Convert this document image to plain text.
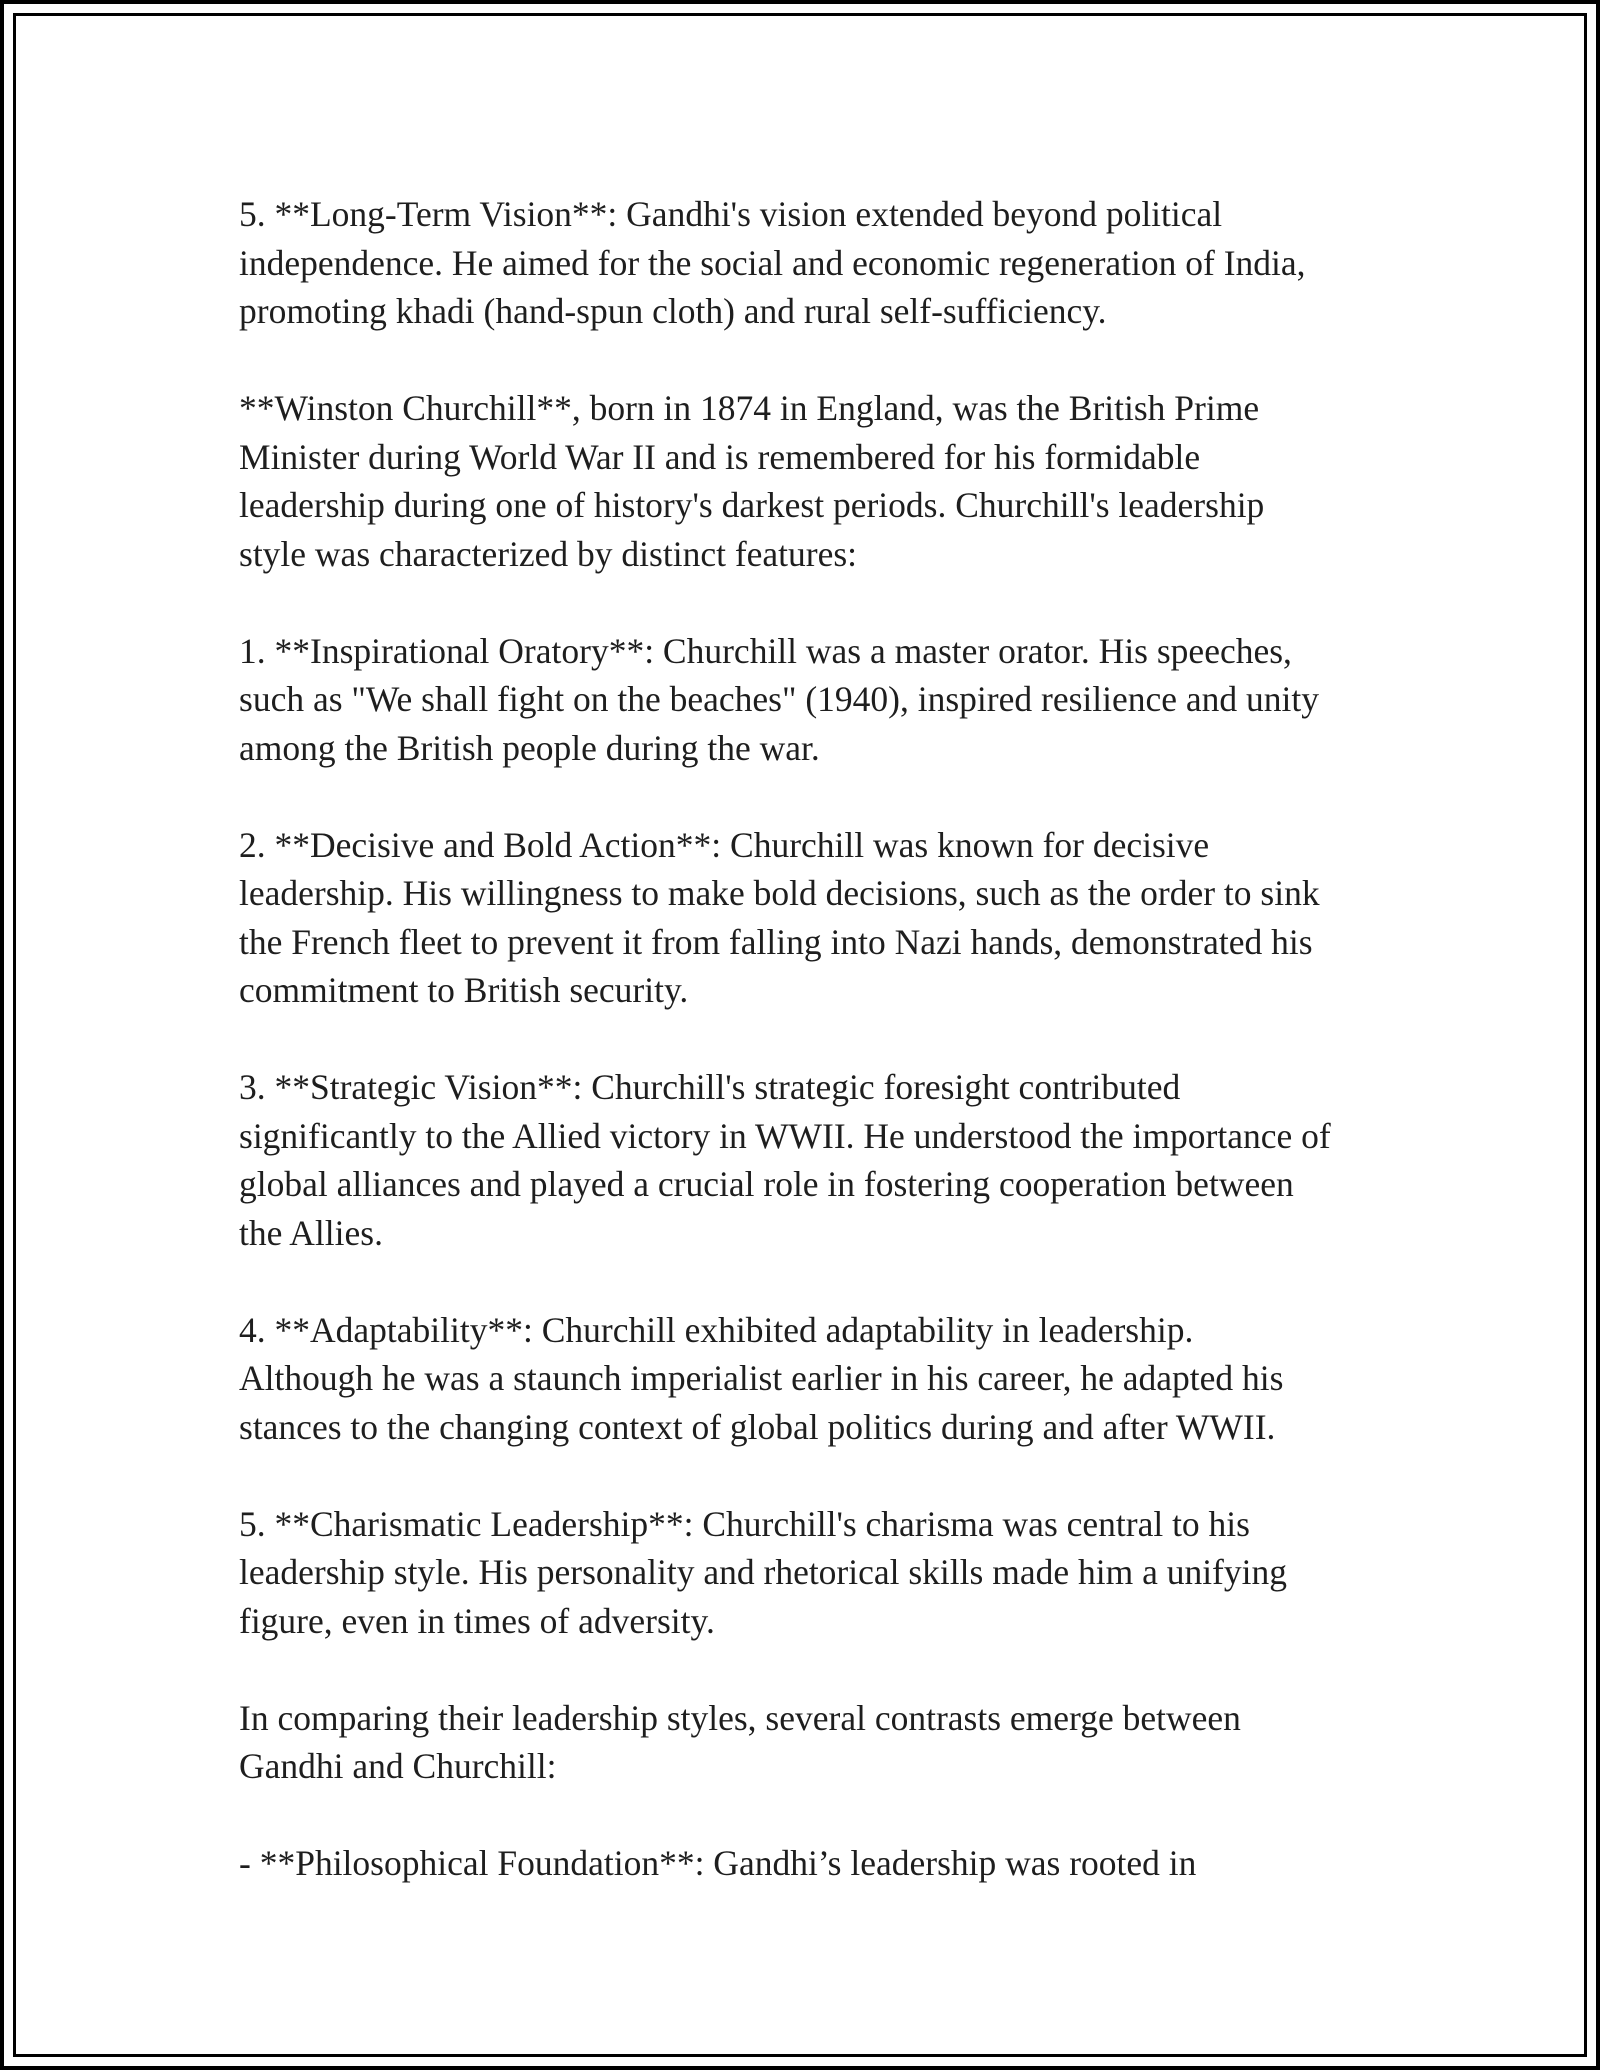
5. **Long-Term Vision**: Gandhi's vision extended beyond political
independence. He aimed for the social and economic regeneration of India,
promoting khadi (hand-spun cloth) and rural self-sufficiency.

**Winston Churchill**, born in 1874 in England, was the British Prime
Minister during World War II and is remembered for his formidable
leadership during one of history's darkest periods. Churchill's leadership
style was characterized by distinct features:

1. **Inspirational Oratory**: Churchill was a master orator. His speeches,
such as "We shall fight on the beaches" (1940), inspired resilience and unity
among the British people during the war.

2. **Decisive and Bold Action**: Churchill was known for decisive
leadership. His willingness to make bold decisions, such as the order to sink
the French fleet to prevent it from falling into Nazi hands, demonstrated his
commitment to British security.

3. **Strategic Vision**: Churchill's strategic foresight contributed
significantly to the Allied victory in WWII. He understood the importance of
global alliances and played a crucial role in fostering cooperation between
the Allies.

4. **Adaptability**: Churchill exhibited adaptability in leadership.
Although he was a staunch imperialist earlier in his career, he adapted his
stances to the changing context of global politics during and after WWII.

5. **Charismatic Leadership**: Churchill's charisma was central to his
leadership style. His personality and rhetorical skills made him a unifying
figure, even in times of adversity.

In comparing their leadership styles, several contrasts emerge between
Gandhi and Churchill:

- **Philosophical Foundation**: Gandhi’s leadership was rooted in
